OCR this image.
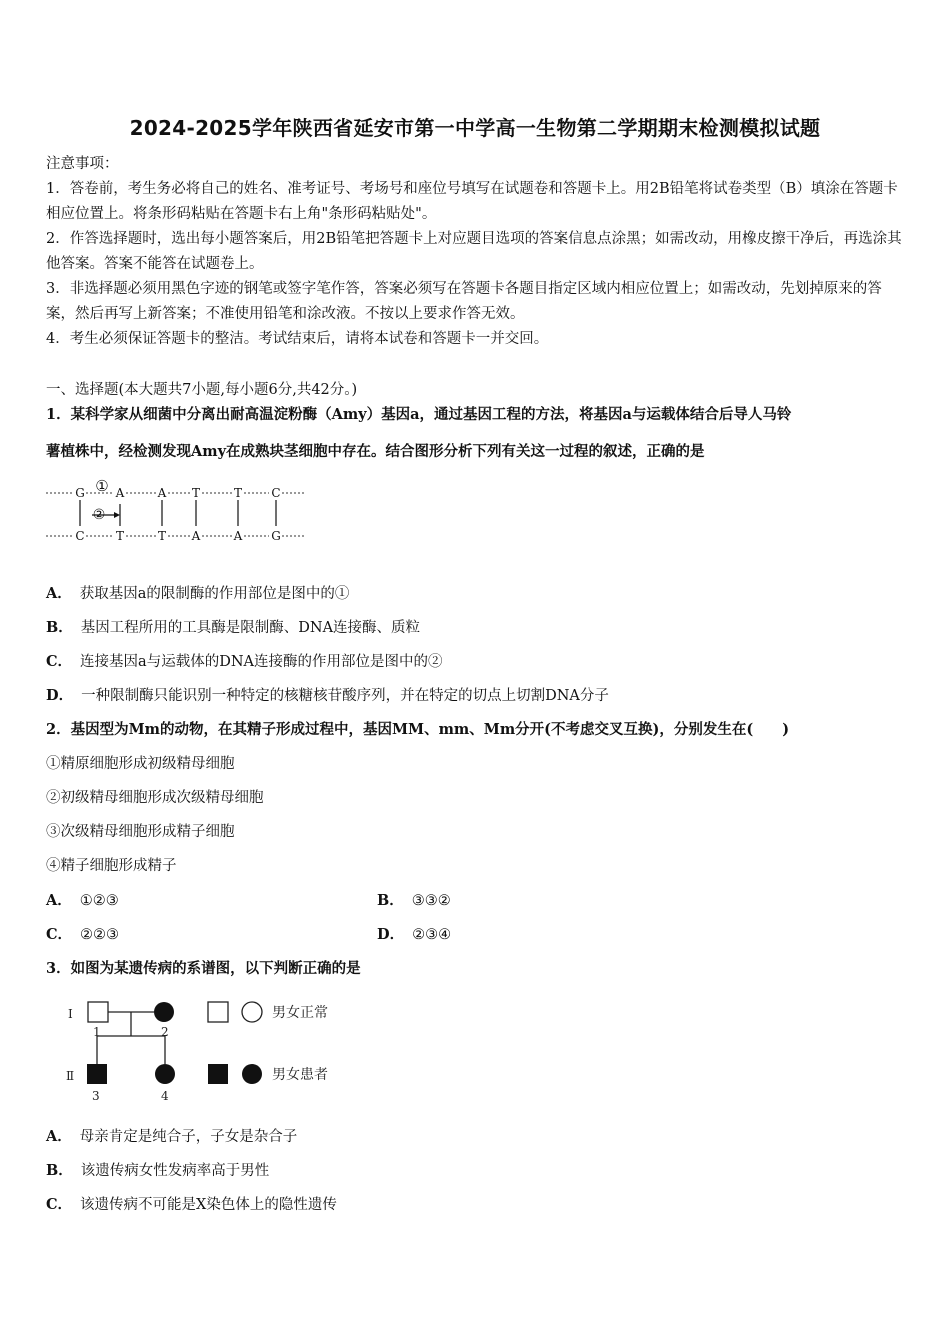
2024-2025学年陕西省延安市第一中学高一生物第二学期期末检测模拟试题

注意事项：

1．答卷前，考生务必将自己的姓名、准考证号、考场号和座位号填写在试题卷和答题卡上。用2B铅笔将试卷类型（B）填涂在答题卡相应位置上。将条形码粘贴在答题卡右上角"条形码粘贴处"。

2．作答选择题时，选出每小题答案后，用2B铅笔把答题卡上对应题目选项的答案信息点涂黑；如需改动，用橡皮擦干净后，再选涂其他答案。答案不能答在试题卷上。

3．非选择题必须用黑色字迹的钢笔或签字笔作答，答案必须写在答题卡各题目指定区域内相应位置上；如需改动，先划掉原来的答案，然后再写上新答案；不准使用铅笔和涂改液。不按以上要求作答无效。

4．考生必须保证答题卡的整洁。考试结束后，请将本试卷和答题卡一并交回。

一、选择题(本大题共7小题,每小题6分,共42分。)
1．某科学家从细菌中分离出耐高温淀粉酶（Amy）基因a，通过基因工程的方法，将基因a与运载体结合后导人马铃
薯植株中，经检测发现Amy在成熟块茎细胞中存在。结合图形分析下列有关这一过程的叙述，正确的是
G	A	A T	T C
C	T	T A	A G
①
②
A． 获取基因a的限制酶的作用部位是图中的①
B． 基因工程所用的工具酶是限制酶、DNA连接酶、质粒
C． 连接基因a与运载体的DNA连接酶的作用部位是图中的②
D． 一种限制酶只能识别一种特定的核糖核苷酸序列，并在特定的切点上切割DNA分子
2．基因型为Mm的动物，在其精子形成过程中，基因MM、mm、Mm分开(不考虑交叉互换)，分别发生在(　　)
①精原细胞形成初级精母细胞
②初级精母细胞形成次级精母细胞
③次级精母细胞形成精子细胞
④精子细胞形成精子
A． ①②③	B． ③③②
C． ②②③	D． ②③④
3．如图为某遗传病的系谱图，以下判断正确的是
Ⅰ
Ⅱ
1	2
3	4
男女正常
男女患者
A． 母亲肯定是纯合子，子女是杂合子
B． 该遗传病女性发病率高于男性
C． 该遗传病不可能是X染色体上的隐性遗传
